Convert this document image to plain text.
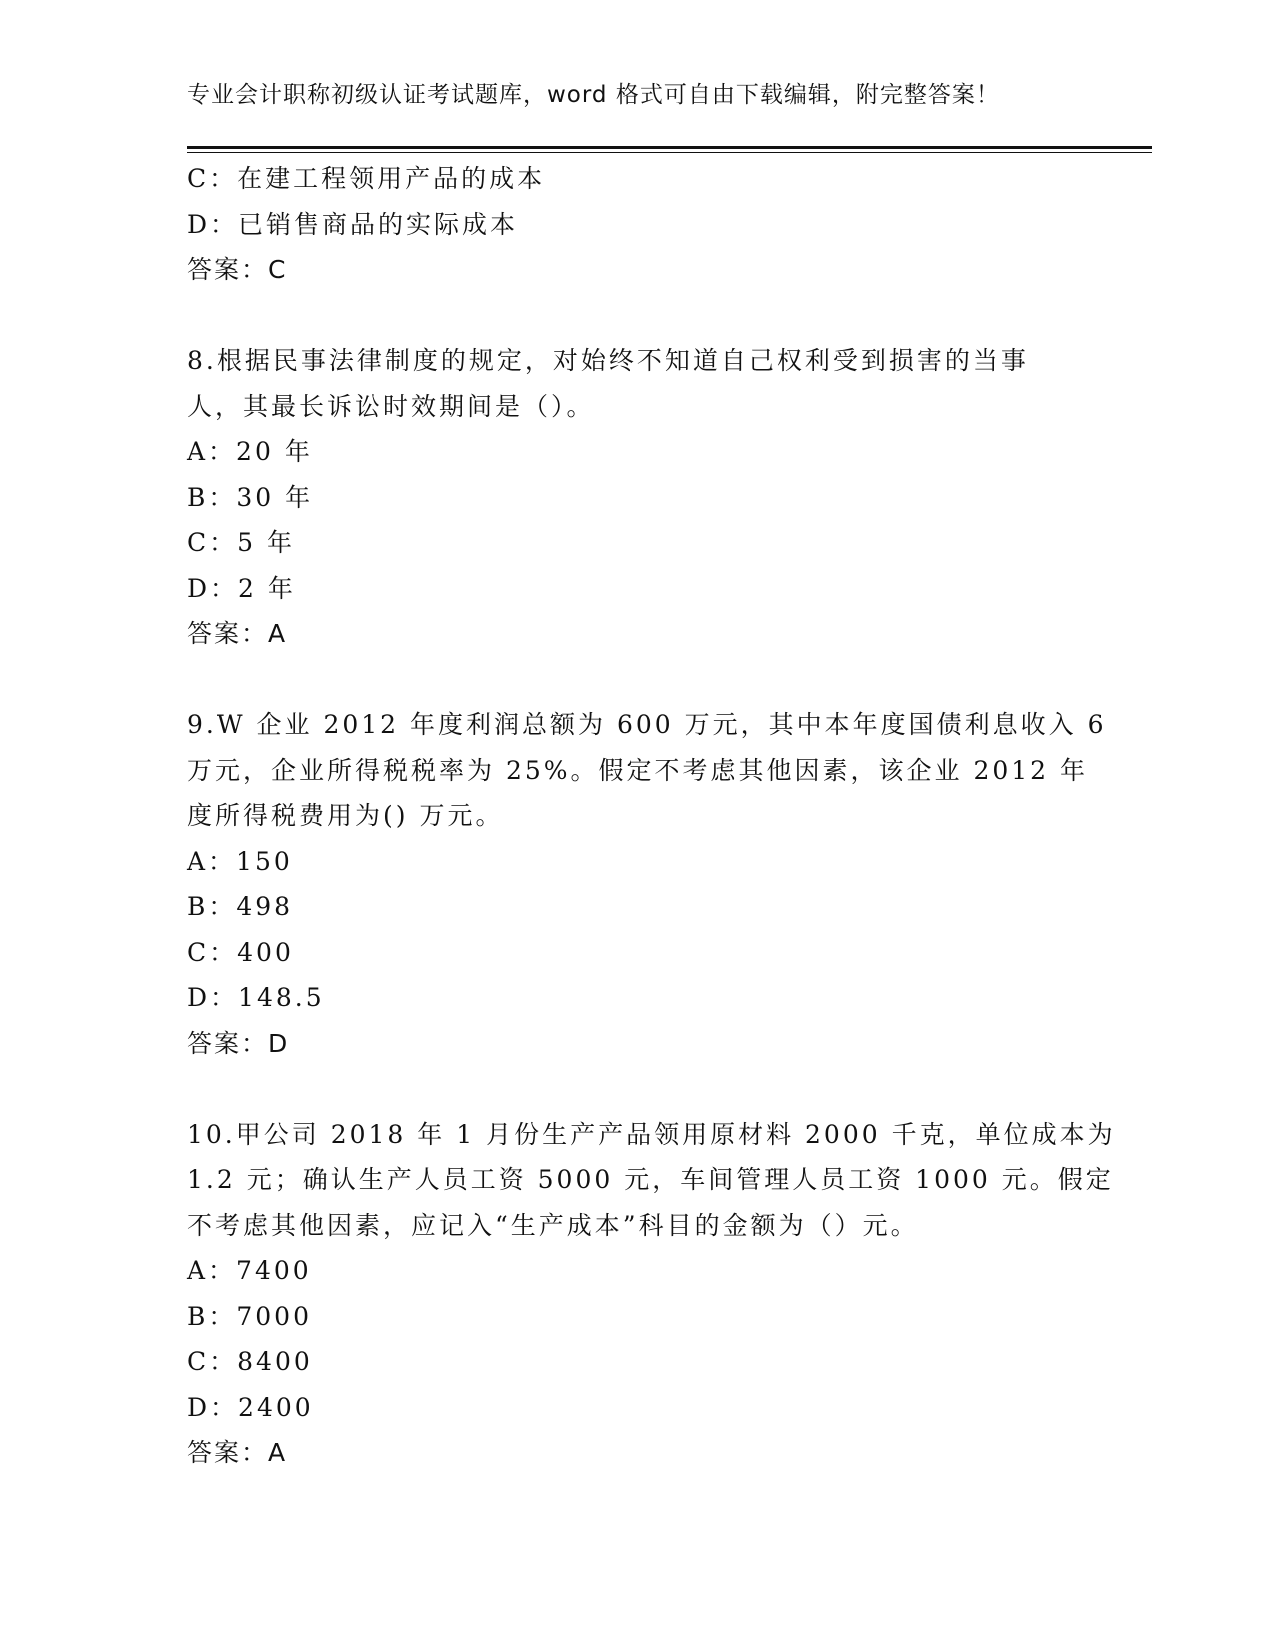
专业会计职称初级认证考试题库，word 格式可自由下载编辑，附完整答案！
C：在建工程领用产品的成本
D：已销售商品的实际成本
答案：C
8.根据民事法律制度的规定，对始终不知道自己权利受到损害的当事
人，其最长诉讼时效期间是（）。
A：20 年
B：30 年
C：5 年
D：2 年
答案：A
9.W 企业 2012 年度利润总额为 600 万元，其中本年度国债利息收入 6
万元，企业所得税税率为 25%。假定不考虑其他因素，该企业 2012 年
度所得税费用为() 万元。
A：150
B：498
C：400
D：148.5
答案：D
10.甲公司 2018 年 1 月份生产产品领用原材料 2000 千克，单位成本为
1.2 元；确认生产人员工资 5000 元，车间管理人员工资 1000 元。假定
不考虑其他因素，应记入“生产成本”科目的金额为（）元。
A：7400
B：7000
C：8400
D：2400
答案：A
